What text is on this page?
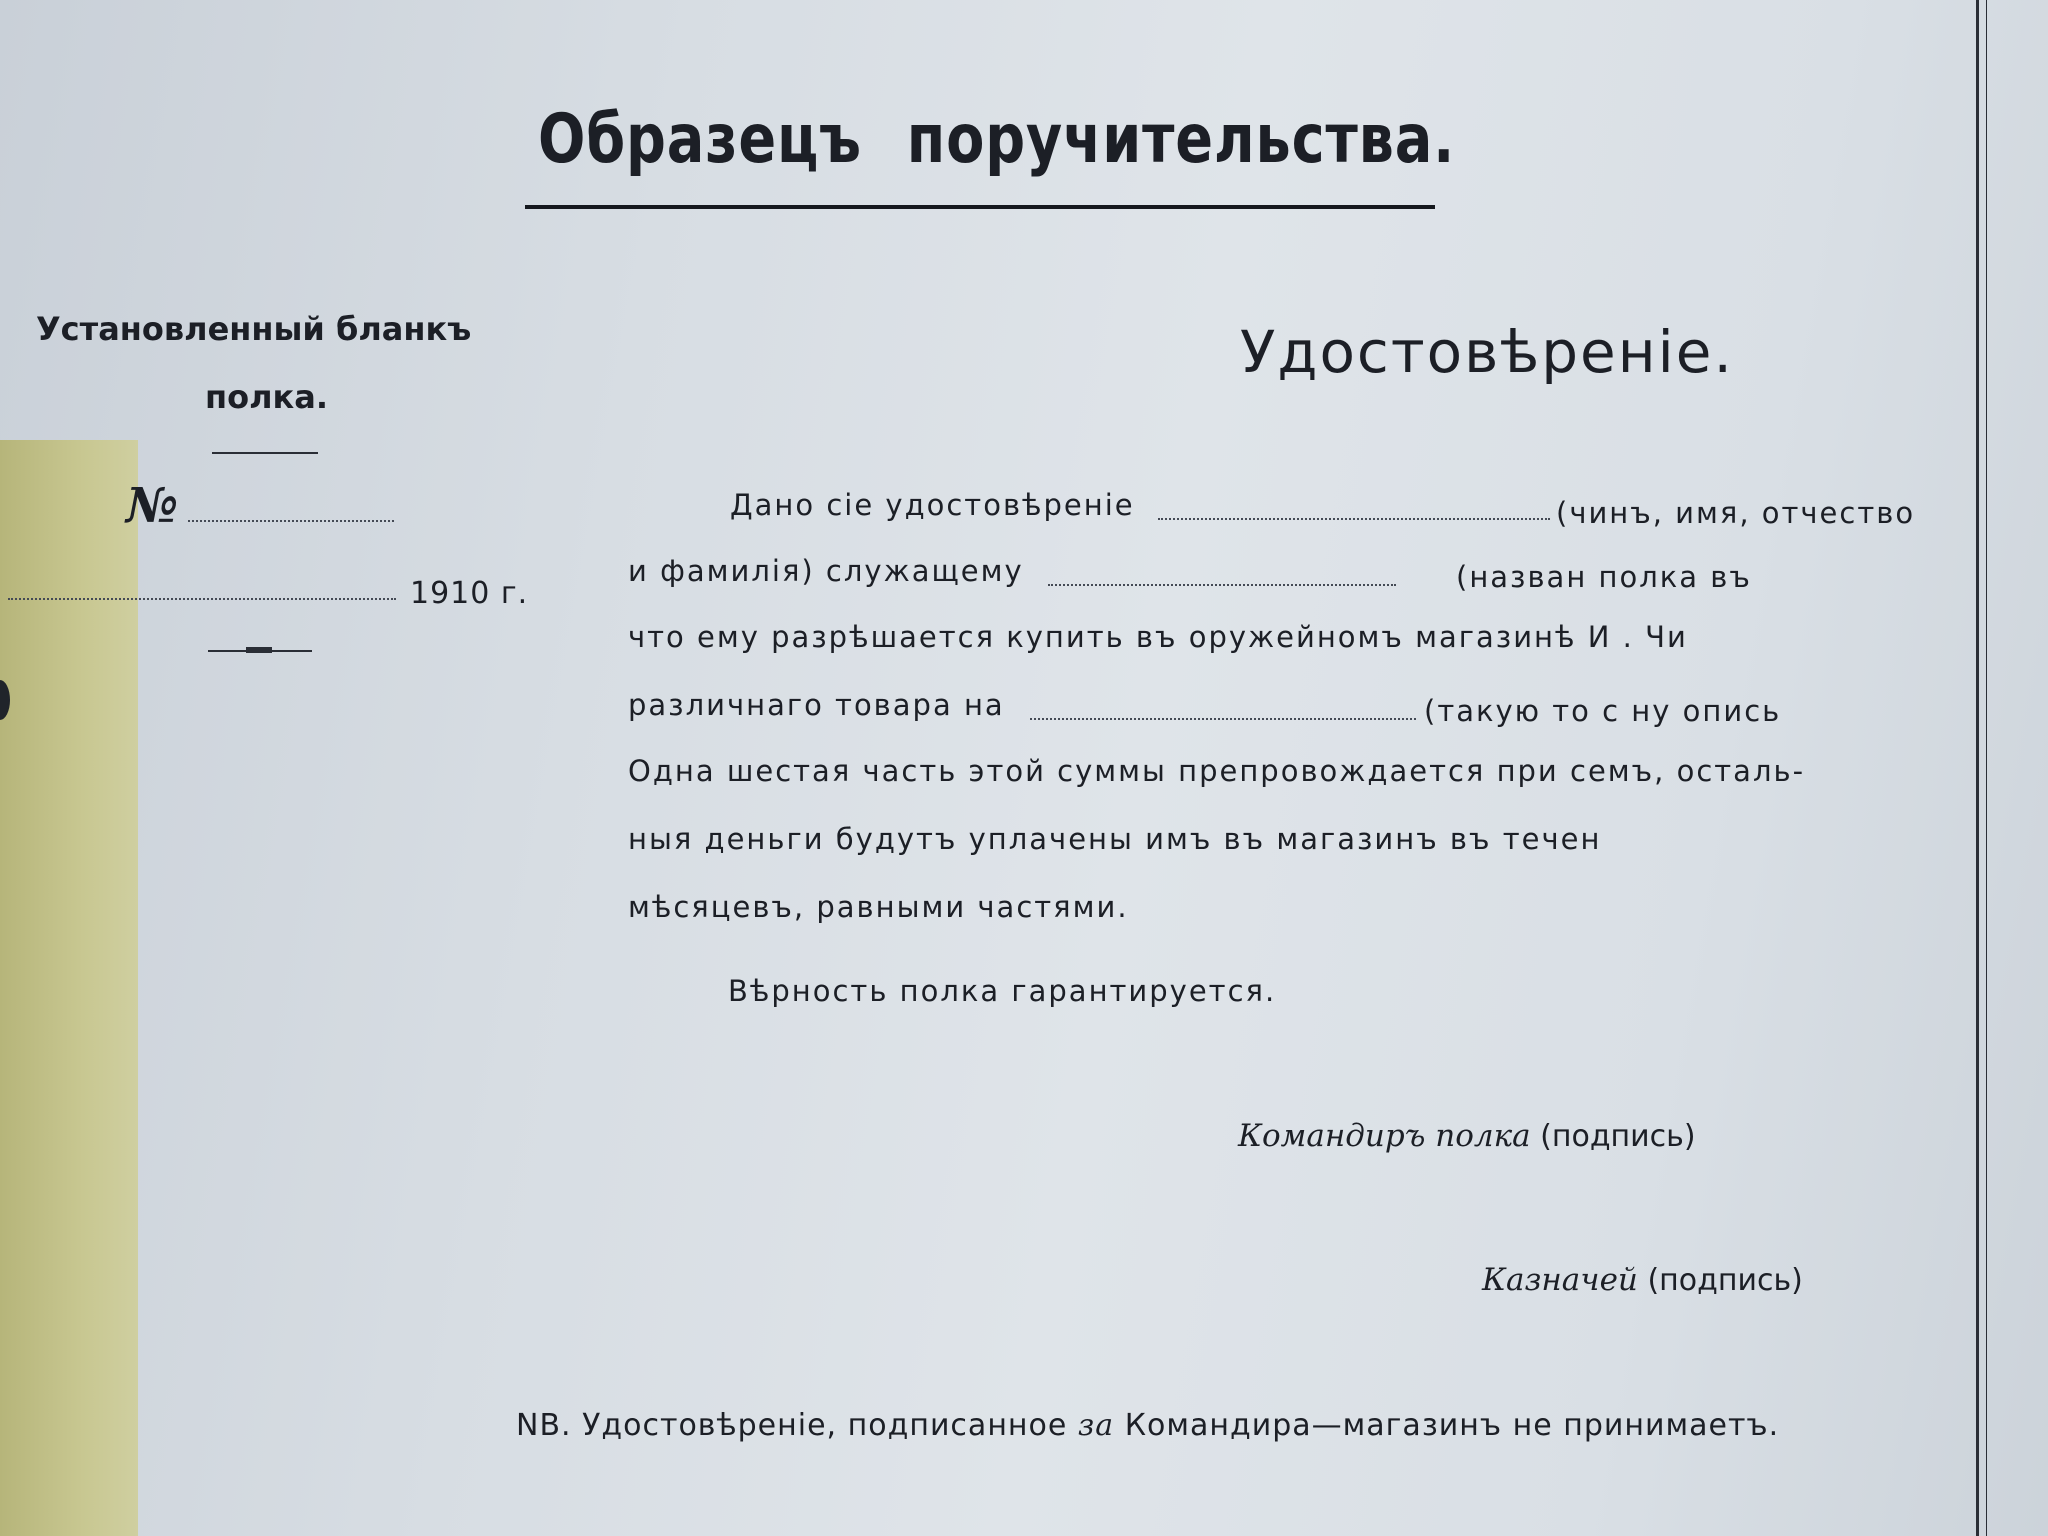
Образецъ поручительства.
Установленный бланкъ
полка.
№
1910 г.
Удостовѣрeнie.
Дано сiе удостовѣренiе	(чинъ, имя, отчество
и фамилiя) служащему	(назван полка въ
что ему разрѣшается купить въ оружейномъ магазинѣ И . Чи
различнаго товара на	(такую то с ну опись
Одна шестая часть этой суммы препровождается при семъ, осталь-
ныя деньги будутъ уплачены имъ въ магазинъ въ течен
мѣсяцевъ, равными частями.
Вѣрность полка гарантируется.
Командиръ полка (подпись)
Казначей (подпись)
NB. Удостовѣренiе, подписанное за Командира—магазинъ не принимаетъ.
